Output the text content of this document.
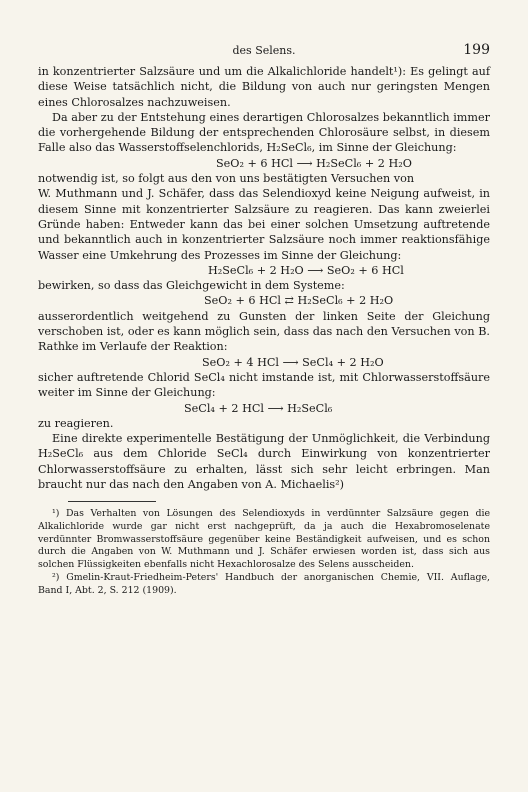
des Selens.	199

in konzentrierter Salzsäure und um die Alkalichloride handelt¹): Es gelingt auf diese Weise tatsächlich nicht, die Bildung von auch nur geringsten Mengen eines Chlorosalzes nachzuweisen.

Da aber zu der Entstehung eines derartigen Chlorosalzes bekanntlich immer die vorhergehende Bildung der entsprechenden Chlorosäure selbst, in diesem Falle also das Wasserstoffselenchlorids, H₂SeCl₆, im Sinne der Gleichung:

SeO₂ + 6 HCl ⟶ H₂SeCl₆ + 2 H₂O

notwendig ist, so folgt aus den von uns bestätigten Versuchen von

W. Muthmann und J. Schäfer, dass das Selendioxyd keine Neigung aufweist, in diesem Sinne mit konzentrierter Salzsäure zu reagieren. Das kann zweierlei Gründe haben: Entweder kann das bei einer solchen Umsetzung auftretende und bekanntlich auch in konzentrierter Salzsäure noch immer reaktionsfähige Wasser eine Umkehrung des Prozesses im Sinne der Gleichung:

H₂SeCl₆ + 2 H₂O ⟶ SeO₂ + 6 HCl

bewirken, so dass das Gleichgewicht in dem Systeme:

SeO₂ + 6 HCl ⇄ H₂SeCl₆ + 2 H₂O

ausserordentlich weitgehend zu Gunsten der linken Seite der Gleichung verschoben ist, oder es kann möglich sein, dass das nach den Versuchen von B. Rathke im Verlaufe der Reaktion:

SeO₂ + 4 HCl ⟶ SeCl₄ + 2 H₂O

sicher auftretende Chlorid SeCl₄ nicht imstande ist, mit Chlorwasserstoffsäure weiter im Sinne der Gleichung:

SeCl₄ + 2 HCl ⟶ H₂SeCl₆

zu reagieren.

Eine direkte experimentelle Bestätigung der Unmöglichkeit, die Verbindung H₂SeCl₆ aus dem Chloride SeCl₄ durch Einwirkung von konzentrierter Chlorwasserstoffsäure zu erhalten, lässt sich sehr leicht erbringen. Man braucht nur das nach den Angaben von A. Michaelis²)

¹) Das Verhalten von Lösungen des Selendioxyds in verdünnter Salzsäure gegen die Alkalichloride wurde gar nicht erst nachgeprüft, da ja auch die Hexabromoselenate verdünnter Bromwasserstoffsäure gegenüber keine Beständigkeit aufweisen, und es schon durch die Angaben von W. Muthmann und J. Schäfer erwiesen worden ist, dass sich aus solchen Flüssigkeiten ebenfalls nicht Hexachlorosalze des Selens ausscheiden.

²) Gmelin-Kraut-Friedheim-Peters' Handbuch der anorganischen Chemie, VII. Auflage, Band I, Abt. 2, S. 212 (1909).
